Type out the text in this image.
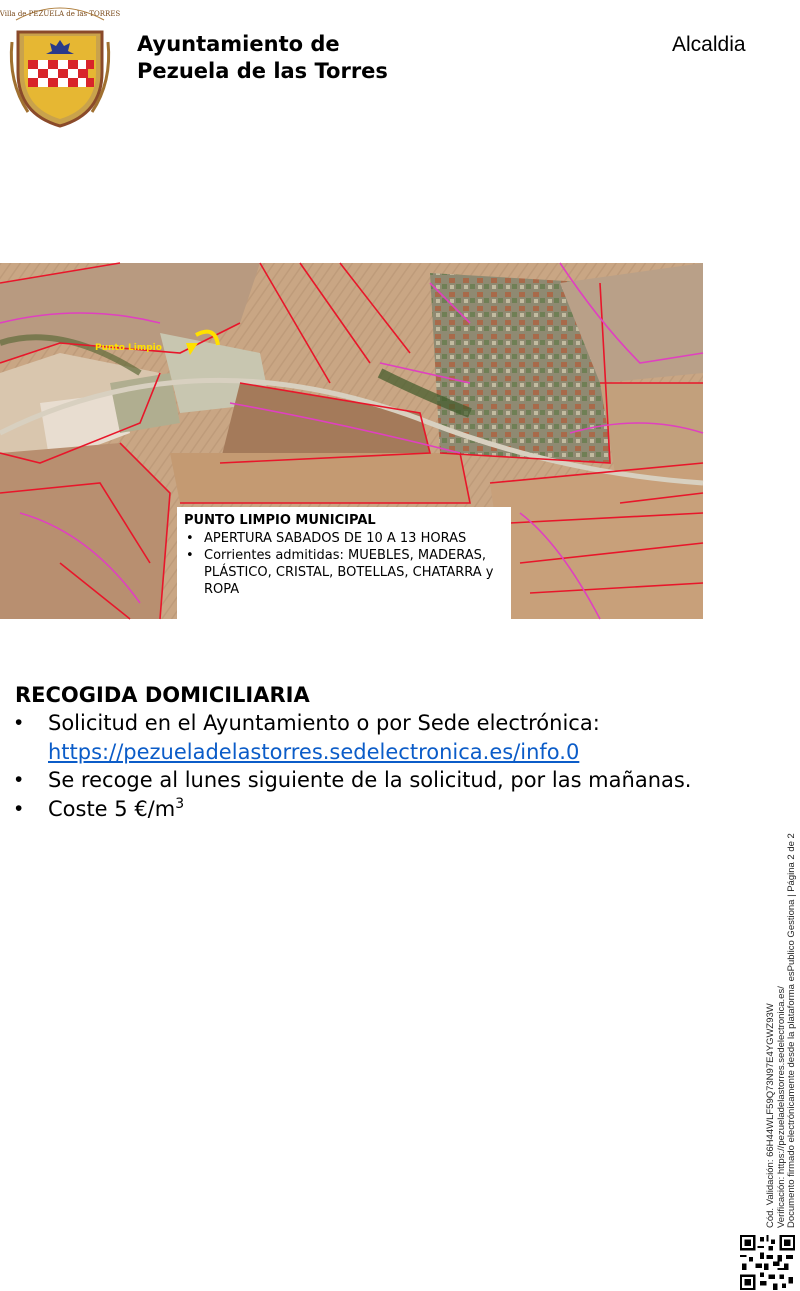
Villa de PEZUELA de las TORRES
Ayuntamiento de
Pezuela de las Torres
Alcaldia
Punto Limpio
PUNTO LIMPIO MUNICIPAL
• APERTURA SABADOS DE 10 A 13 HORAS
• Corrientes admitidas: MUEBLES, MADERAS, PLÁSTICO, CRISTAL, BOTELLAS, CHATARRA y ROPA
RECOGIDA DOMICILIARIA
• Solicitud en el Ayuntamiento o por Sede electrónica:
https://pezueladelastorres.sedelectronica.es/info.0
• Se recoge al lunes siguiente de la solicitud, por las mañanas.
• Coste 5 $€/m^3$
Cód. Validación: 66H44WLF59Q73N97E4YGWZ93W Verificación: https://pezueladelastorres.sedelectronica.es/ Documento firmado electrónicamente desde la plataforma esPublico Gestiona | Página 2 de 2
